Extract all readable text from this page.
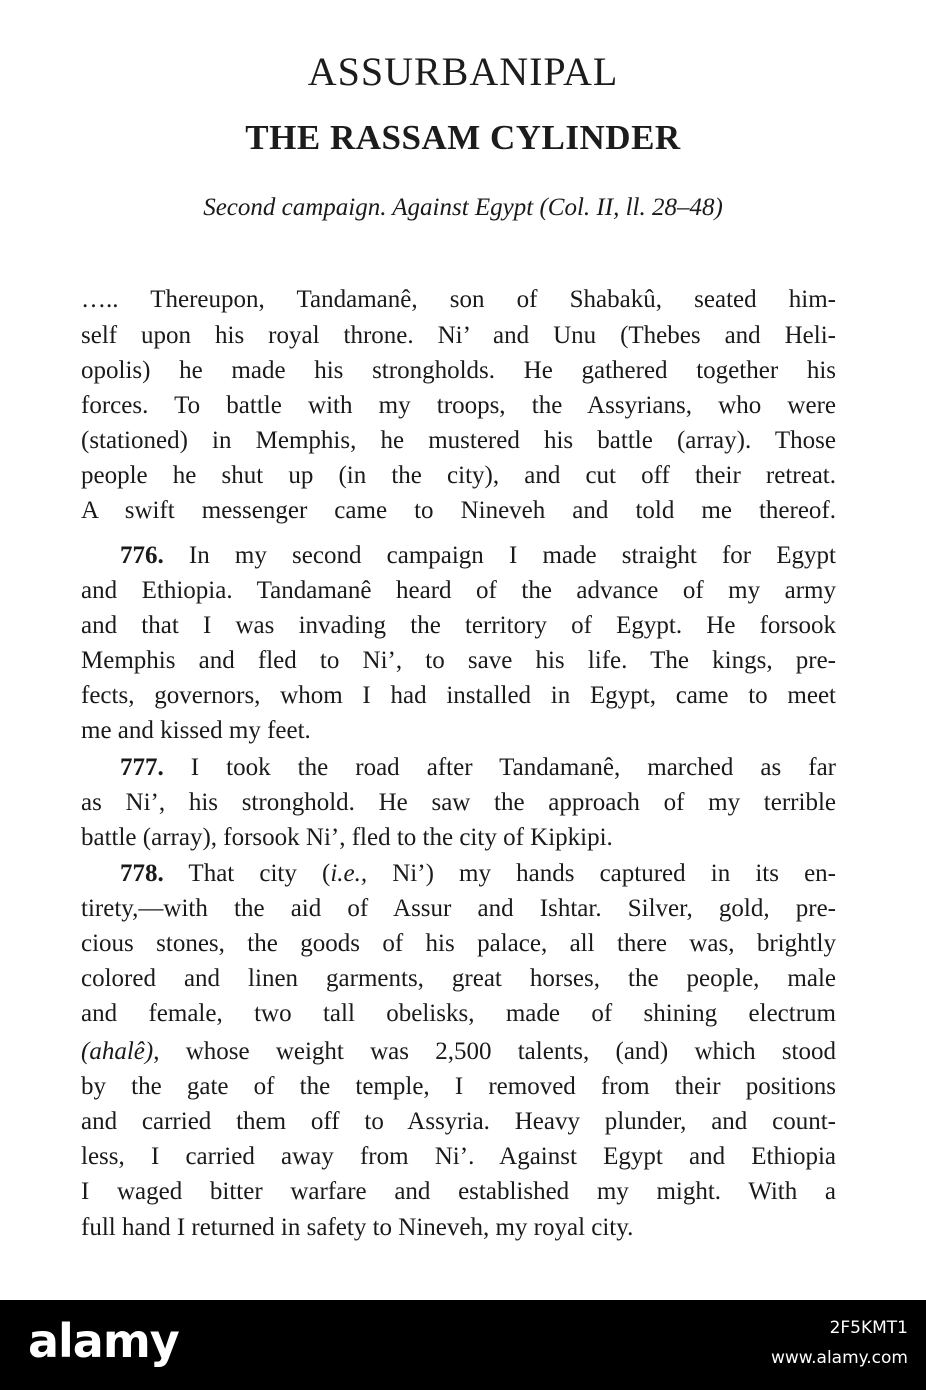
ASSURBANIPAL
THE RASSAM CYLINDER
Second campaign. Against Egypt (Col. II, ll. 28–48)
….. Thereupon, Tandamanê, son of Shabakû, seated him-
self upon his royal throne. Ni’ and Unu (Thebes and Heli-
opolis) he made his strongholds. He gathered together his
forces. To battle with my troops, the Assyrians, who were
(stationed) in Memphis, he mustered his battle (array). Those
people he shut up (in the city), and cut off their retreat.
A swift messenger came to Nineveh and told me thereof.
776. In my second campaign I made straight for Egypt
and Ethiopia. Tandamanê heard of the advance of my army
and that I was invading the territory of Egypt. He forsook
Memphis and fled to Ni’, to save his life. The kings, pre-
fects, governors, whom I had installed in Egypt, came to meet
me and kissed my feet.
777. I took the road after Tandamanê, marched as far
as Ni’, his stronghold. He saw the approach of my terrible
battle (array), forsook Ni’, fled to the city of Kipkipi.
778. That city (i.e., Ni’) my hands captured in its en-
tirety,—with the aid of Assur and Ishtar. Silver, gold, pre-
cious stones, the goods of his palace, all there was, brightly
colored and linen garments, great horses, the people, male
and female, two tall obelisks, made of shining electrum
(ahalê), whose weight was 2,500 talents, (and) which stood
by the gate of the temple, I removed from their positions
and carried them off to Assyria. Heavy plunder, and count-
less, I carried away from Ni’. Against Egypt and Ethiopia
I waged bitter warfare and established my might. With a
full hand I returned in safety to Nineveh, my royal city.
alamy	2F5KMT1
www.alamy.com
